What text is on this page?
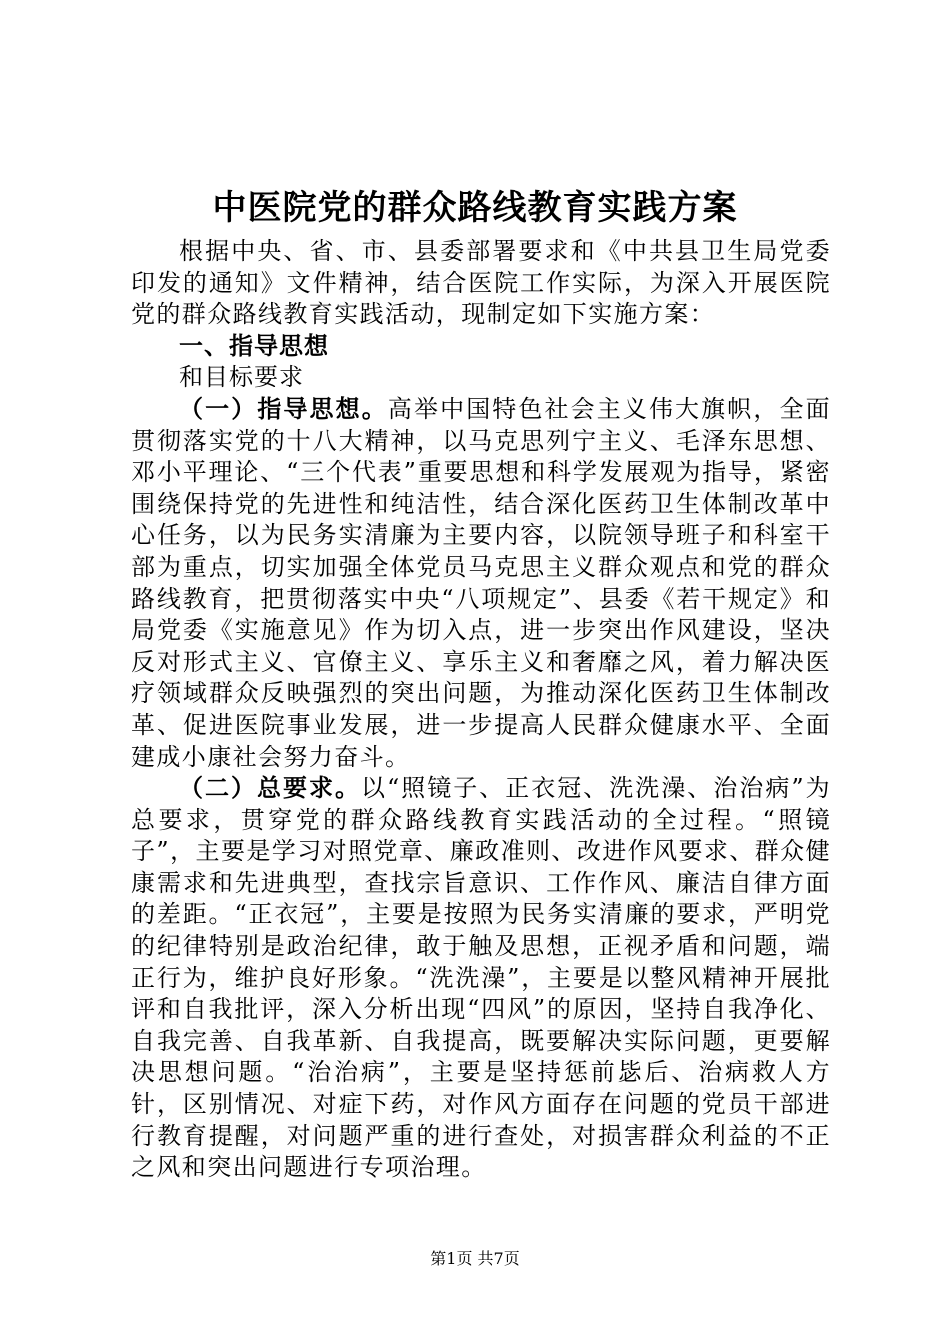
中医院党的群众路线教育实践方案

根据中央、省、市、县委部署要求和《中共县卫生局党委印发的通知》文件精神，结合医院工作实际，为深入开展医院党的群众路线教育实践活动，现制定如下实施方案：

一、指导思想

和目标要求

（一）指导思想。高举中国特色社会主义伟大旗帜，全面贯彻落实党的十八大精神，以马克思列宁主义、毛泽东思想、邓小平理论、“三个代表”重要思想和科学发展观为指导，紧密围绕保持党的先进性和纯洁性，结合深化医药卫生体制改革中心任务，以为民务实清廉为主要内容，以院领导班子和科室干部为重点，切实加强全体党员马克思主义群众观点和党的群众路线教育，把贯彻落实中央“八项规定”、县委《若干规定》和局党委《实施意见》作为切入点，进一步突出作风建设，坚决反对形式主义、官僚主义、享乐主义和奢靡之风，着力解决医疗领域群众反映强烈的突出问题，为推动深化医药卫生体制改革、促进医院事业发展，进一步提高人民群众健康水平、全面建成小康社会努力奋斗。

（二）总要求。以“照镜子、正衣冠、洗洗澡、治治病”为总要求，贯穿党的群众路线教育实践活动的全过程。“照镜子”，主要是学习对照党章、廉政准则、改进作风要求、群众健康需求和先进典型，查找宗旨意识、工作作风、廉洁自律方面的差距。“正衣冠”，主要是按照为民务实清廉的要求，严明党的纪律特别是政治纪律，敢于触及思想，正视矛盾和问题，端正行为，维护良好形象。“洗洗澡”，主要是以整风精神开展批评和自我批评，深入分析出现“四风”的原因，坚持自我净化、自我完善、自我革新、自我提高，既要解决实际问题，更要解决思想问题。“治治病”，主要是坚持惩前毖后、治病救人方针，区别情况、对症下药，对作风方面存在问题的党员干部进行教育提醒，对问题严重的进行查处，对损害群众利益的不正之风和突出问题进行专项治理。

第1页 共7页
